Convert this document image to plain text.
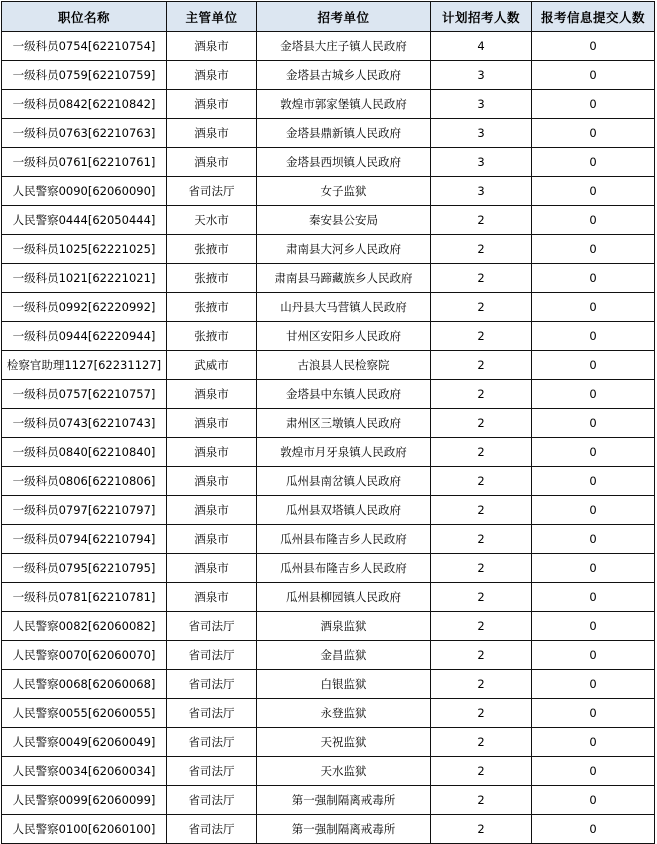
职位名称	主管单位	招考单位	计划招考人数	报考信息提交人数
一级科员0754[62210754]	酒泉市	金塔县大庄子镇人民政府	4	0
一级科员0759[62210759]	酒泉市	金塔县古城乡人民政府	3	0
一级科员0842[62210842]	酒泉市	敦煌市郭家堡镇人民政府	3	0
一级科员0763[62210763]	酒泉市	金塔县鼎新镇人民政府	3	0
一级科员0761[62210761]	酒泉市	金塔县西坝镇人民政府	3	0
人民警察0090[62060090]	省司法厅	女子监狱	3	0
人民警察0444[62050444]	天水市	秦安县公安局	2	0
一级科员1025[62221025]	张掖市	肃南县大河乡人民政府	2	0
一级科员1021[62221021]	张掖市	肃南县马蹄藏族乡人民政府	2	0
一级科员0992[62220992]	张掖市	山丹县大马营镇人民政府	2	0
一级科员0944[62220944]	张掖市	甘州区安阳乡人民政府	2	0
检察官助理1127[62231127]	武威市	古浪县人民检察院	2	0
一级科员0757[62210757]	酒泉市	金塔县中东镇人民政府	2	0
一级科员0743[62210743]	酒泉市	肃州区三墩镇人民政府	2	0
一级科员0840[62210840]	酒泉市	敦煌市月牙泉镇人民政府	2	0
一级科员0806[62210806]	酒泉市	瓜州县南岔镇人民政府	2	0
一级科员0797[62210797]	酒泉市	瓜州县双塔镇人民政府	2	0
一级科员0794[62210794]	酒泉市	瓜州县布隆吉乡人民政府	2	0
一级科员0795[62210795]	酒泉市	瓜州县布隆吉乡人民政府	2	0
一级科员0781[62210781]	酒泉市	瓜州县柳园镇人民政府	2	0
人民警察0082[62060082]	省司法厅	酒泉监狱	2	0
人民警察0070[62060070]	省司法厅	金昌监狱	2	0
人民警察0068[62060068]	省司法厅	白银监狱	2	0
人民警察0055[62060055]	省司法厅	永登监狱	2	0
人民警察0049[62060049]	省司法厅	天祝监狱	2	0
人民警察0034[62060034]	省司法厅	天水监狱	2	0
人民警察0099[62060099]	省司法厅	第一强制隔离戒毒所	2	0
人民警察0100[62060100]	省司法厅	第一强制隔离戒毒所	2	0
